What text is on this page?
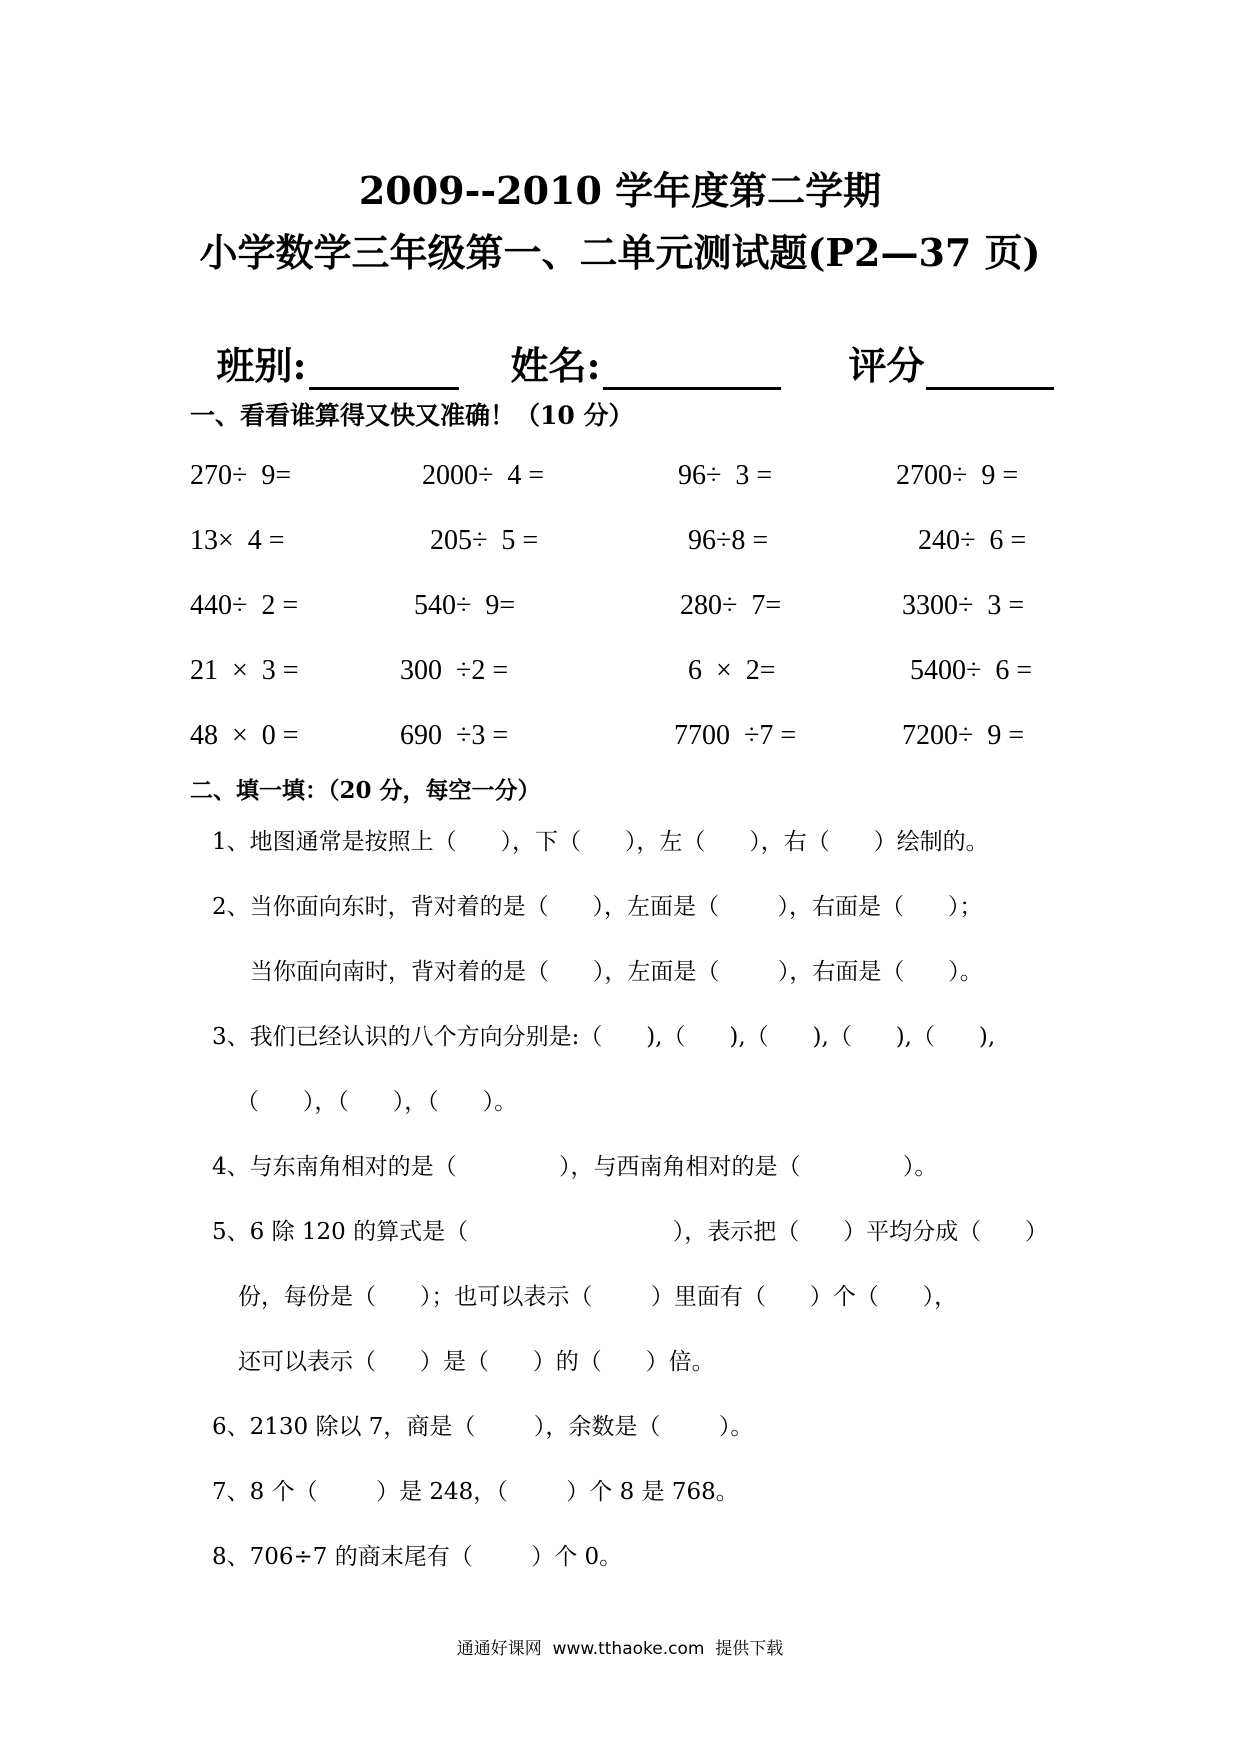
2009--2010 学年度第二学期
小学数学三年级第一、二单元测试题(P2—37 页)

班别:	姓名:	评分

一、看看谁算得又快又准确！（10 分）
270÷  9=	2000÷  4 =	96÷  3 =	2700÷  9 =
13×  4 =	205÷  5 =	96÷8 =	240÷  6 =
440÷  2 =	540÷  9=	280÷  7=	3300÷  3 =
21  ×  3 =	300  ÷2 =	6  ×  2=	5400÷  6 =
48  ×  0 =	690  ÷3 =	7700  ÷7 =	7200÷  9 =
二、填一填：（20 分，每空一分）
1、地图通常是按照上（      ），下（      ），左（      ），右（      ）绘制的。
2、当你面向东时，背对着的是（      ），左面是（        ），右面是（      ）；
当你面向南时，背对着的是（      ），左面是（        ），右面是（      ）。
3、我们已经认识的八个方向分别是:（      ),（      ),（      ),（      ),（      ),
（      ），（      ），（      ）。
4、与东南角相对的是（              ），与西南角相对的是（              ）。
5、6 除 120 的算式是（                            ），表示把（      ）平均分成（      ）
份，每份是（      ）；也可以表示（        ）里面有（      ）个（      ），
还可以表示（      ）是（      ）的（      ）倍。
6、2130 除以 7，商是（        ），余数是（        ）。
7、8 个（        ）是 248，（        ）个 8 是 768。
8、706÷7 的商末尾有（        ）个 0。
通通好课网  www.tthaoke.com  提供下载
